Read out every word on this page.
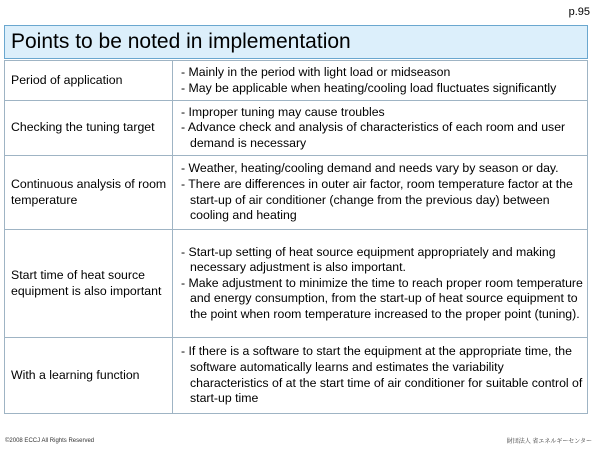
p.95
Points to be noted in implementation
Period of application	- Mainly in the period with light load or midseason
- May be applicable when heating/cooling load fluctuates significantly

Checking the tuning target	- Improper tuning may cause troubles
- Advance check and analysis of characteristics of each room and user demand is necessary

Continuous analysis of room temperature	- Weather, heating/cooling demand and needs vary by season or day.
- There are differences in outer air factor, room temperature factor at the start-up of air conditioner (change from the previous day) between cooling and heating

Start time of heat source equipment is also important	- Start-up setting of heat source equipment appropriately and making necessary adjustment is also important.
- Make adjustment to minimize the time to reach proper room temperature and energy consumption, from the start-up of heat source equipment to the point when room temperature increased to the proper point (tuning).

With a learning function	- If there is a software to start the equipment at the appropriate time, the software automatically learns and estimates the variability characteristics of at the start time of air conditioner for suitable control of start-up time
©2008 ECCJ All Rights Reserved	財団法人 省エネルギーセンター
